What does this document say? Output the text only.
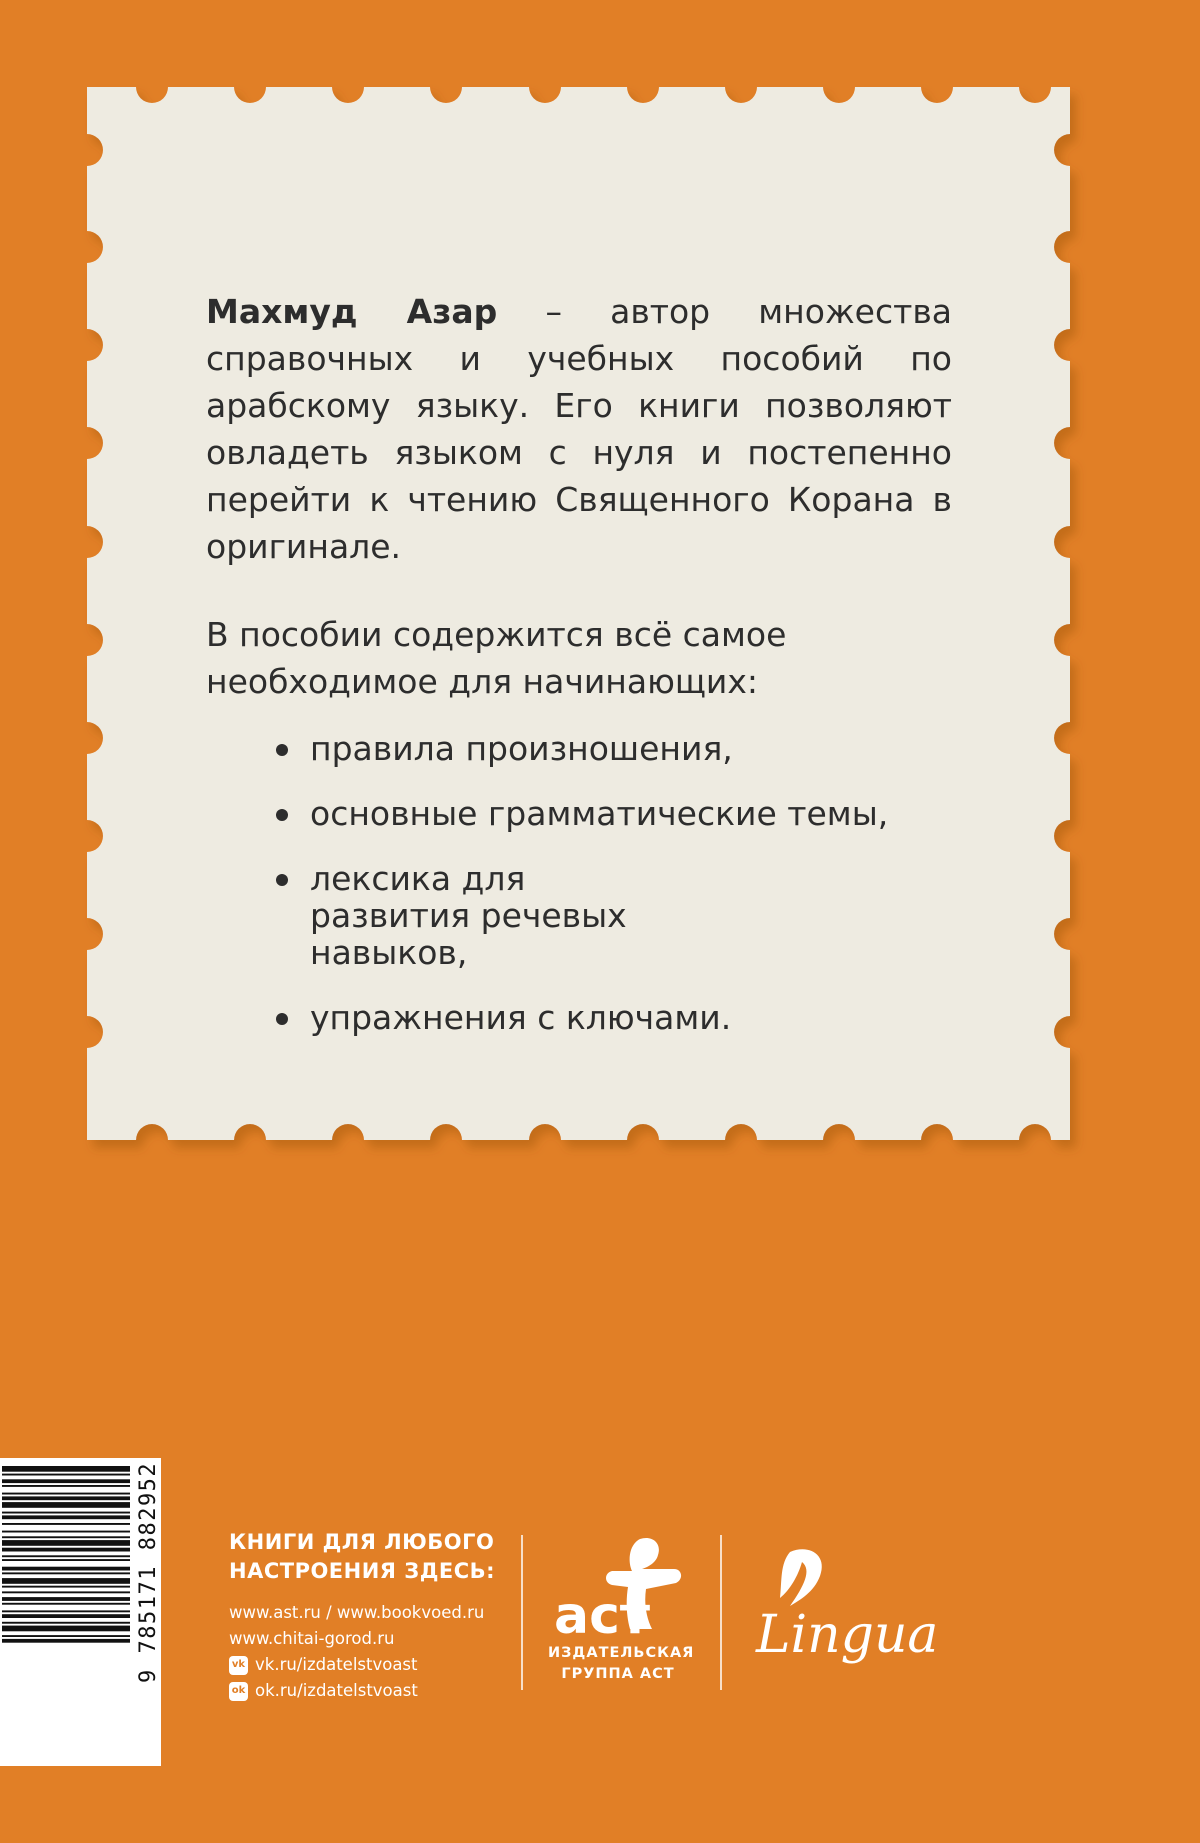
Махмуд Азар – автор множества справочных и учебных пособий по арабскому языку. Его книги позволяют овладеть языком с нуля и постепенно перейти к чтению Священного Корана в оригинале.

В пособии содержится всё самое необходимое для начинающих:

правила произношения,
основные грамматические темы,
лексика для развития речевых навыков,
упражнения с ключами.
9 785171 882952	КНИГИ ДЛЯ ЛЮБОГО
НАСТРОЕНИЯ ЗДЕСЬ:
www.ast.ru / www.bookvoed.ru
www.chitai-gorod.ru
vk vk.ru/izdatelstvoast
ok ok.ru/izdatelstvoast
аст
ИЗДАТЕЛЬСКАЯ
ГРУППА АСТ
Lingua
